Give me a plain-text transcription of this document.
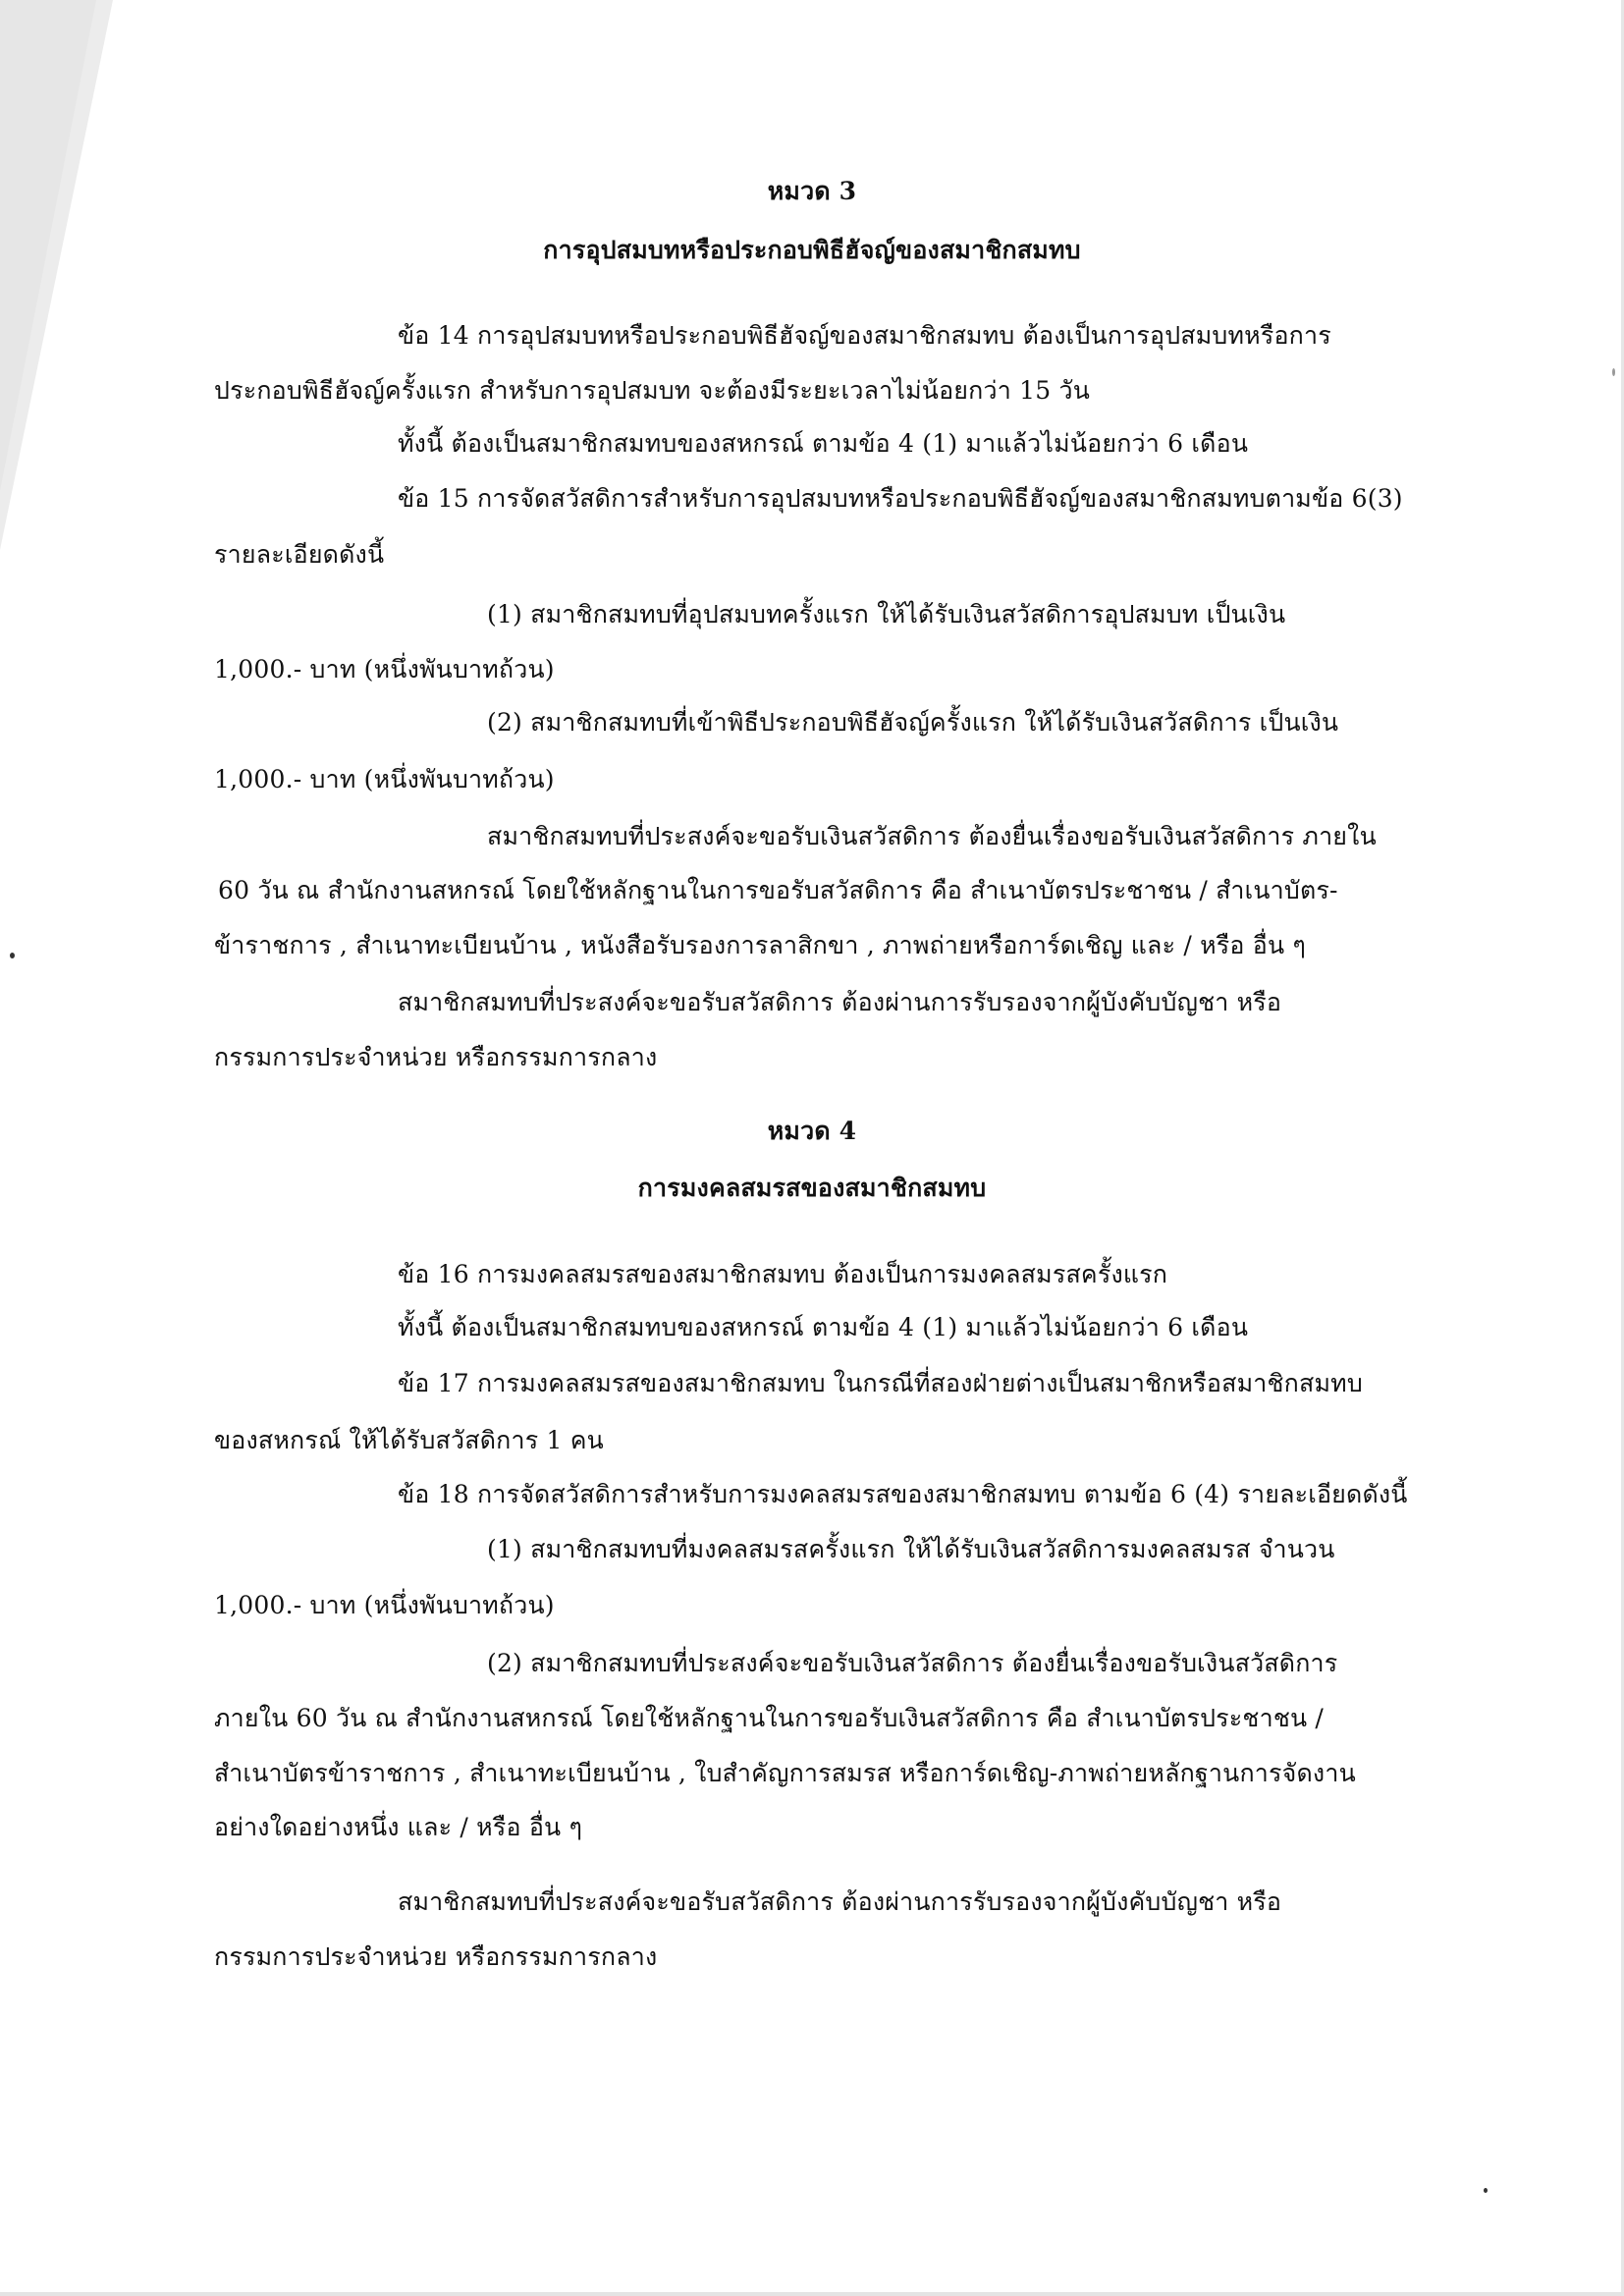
หมวด 3
การอุปสมบทหรือประกอบพิธีฮัจญ์ของสมาชิกสมทบ
ข้อ 14 การอุปสมบทหรือประกอบพิธีฮัจญ์ของสมาชิกสมทบ ต้องเป็นการอุปสมบทหรือการ
ประกอบพิธีฮัจญ์ครั้งแรก สำหรับการอุปสมบท จะต้องมีระยะเวลาไม่น้อยกว่า 15 วัน
ทั้งนี้ ต้องเป็นสมาชิกสมทบของสหกรณ์ ตามข้อ 4 (1) มาแล้วไม่น้อยกว่า 6 เดือน
ข้อ 15 การจัดสวัสดิการสำหรับการอุปสมบทหรือประกอบพิธีฮัจญ์ของสมาชิกสมทบตามข้อ 6(3)
รายละเอียดดังนี้
(1) สมาชิกสมทบที่อุปสมบทครั้งแรก ให้ได้รับเงินสวัสดิการอุปสมบท เป็นเงิน
1,000.- บาท (หนึ่งพันบาทถ้วน)
(2) สมาชิกสมทบที่เข้าพิธีประกอบพิธีฮัจญ์ครั้งแรก ให้ได้รับเงินสวัสดิการ เป็นเงิน
1,000.- บาท (หนึ่งพันบาทถ้วน)
สมาชิกสมทบที่ประสงค์จะขอรับเงินสวัสดิการ ต้องยื่นเรื่องขอรับเงินสวัสดิการ ภายใน
60 วัน ณ สำนักงานสหกรณ์ โดยใช้หลักฐานในการขอรับสวัสดิการ คือ สำเนาบัตรประชาชน / สำเนาบัตร-
ข้าราชการ , สำเนาทะเบียนบ้าน , หนังสือรับรองการลาสิกขา , ภาพถ่ายหรือการ์ดเชิญ และ / หรือ อื่น ๆ
สมาชิกสมทบที่ประสงค์จะขอรับสวัสดิการ ต้องผ่านการรับรองจากผู้บังคับบัญชา หรือ
กรรมการประจำหน่วย หรือกรรมการกลาง
หมวด 4
การมงคลสมรสของสมาชิกสมทบ
ข้อ 16 การมงคลสมรสของสมาชิกสมทบ ต้องเป็นการมงคลสมรสครั้งแรก
ทั้งนี้ ต้องเป็นสมาชิกสมทบของสหกรณ์ ตามข้อ 4 (1) มาแล้วไม่น้อยกว่า 6 เดือน
ข้อ 17 การมงคลสมรสของสมาชิกสมทบ ในกรณีที่สองฝ่ายต่างเป็นสมาชิกหรือสมาชิกสมทบ
ของสหกรณ์ ให้ได้รับสวัสดิการ 1 คน
ข้อ 18 การจัดสวัสดิการสำหรับการมงคลสมรสของสมาชิกสมทบ ตามข้อ 6 (4) รายละเอียดดังนี้
(1) สมาชิกสมทบที่มงคลสมรสครั้งแรก ให้ได้รับเงินสวัสดิการมงคลสมรส จำนวน
1,000.- บาท (หนึ่งพันบาทถ้วน)
(2) สมาชิกสมทบที่ประสงค์จะขอรับเงินสวัสดิการ ต้องยื่นเรื่องขอรับเงินสวัสดิการ
ภายใน 60 วัน ณ สำนักงานสหกรณ์ โดยใช้หลักฐานในการขอรับเงินสวัสดิการ คือ สำเนาบัตรประชาชน /
สำเนาบัตรข้าราชการ , สำเนาทะเบียนบ้าน , ใบสำคัญการสมรส หรือการ์ดเชิญ-ภาพถ่ายหลักฐานการจัดงาน
อย่างใดอย่างหนึ่ง และ / หรือ อื่น ๆ
สมาชิกสมทบที่ประสงค์จะขอรับสวัสดิการ ต้องผ่านการรับรองจากผู้บังคับบัญชา หรือ
กรรมการประจำหน่วย หรือกรรมการกลาง
